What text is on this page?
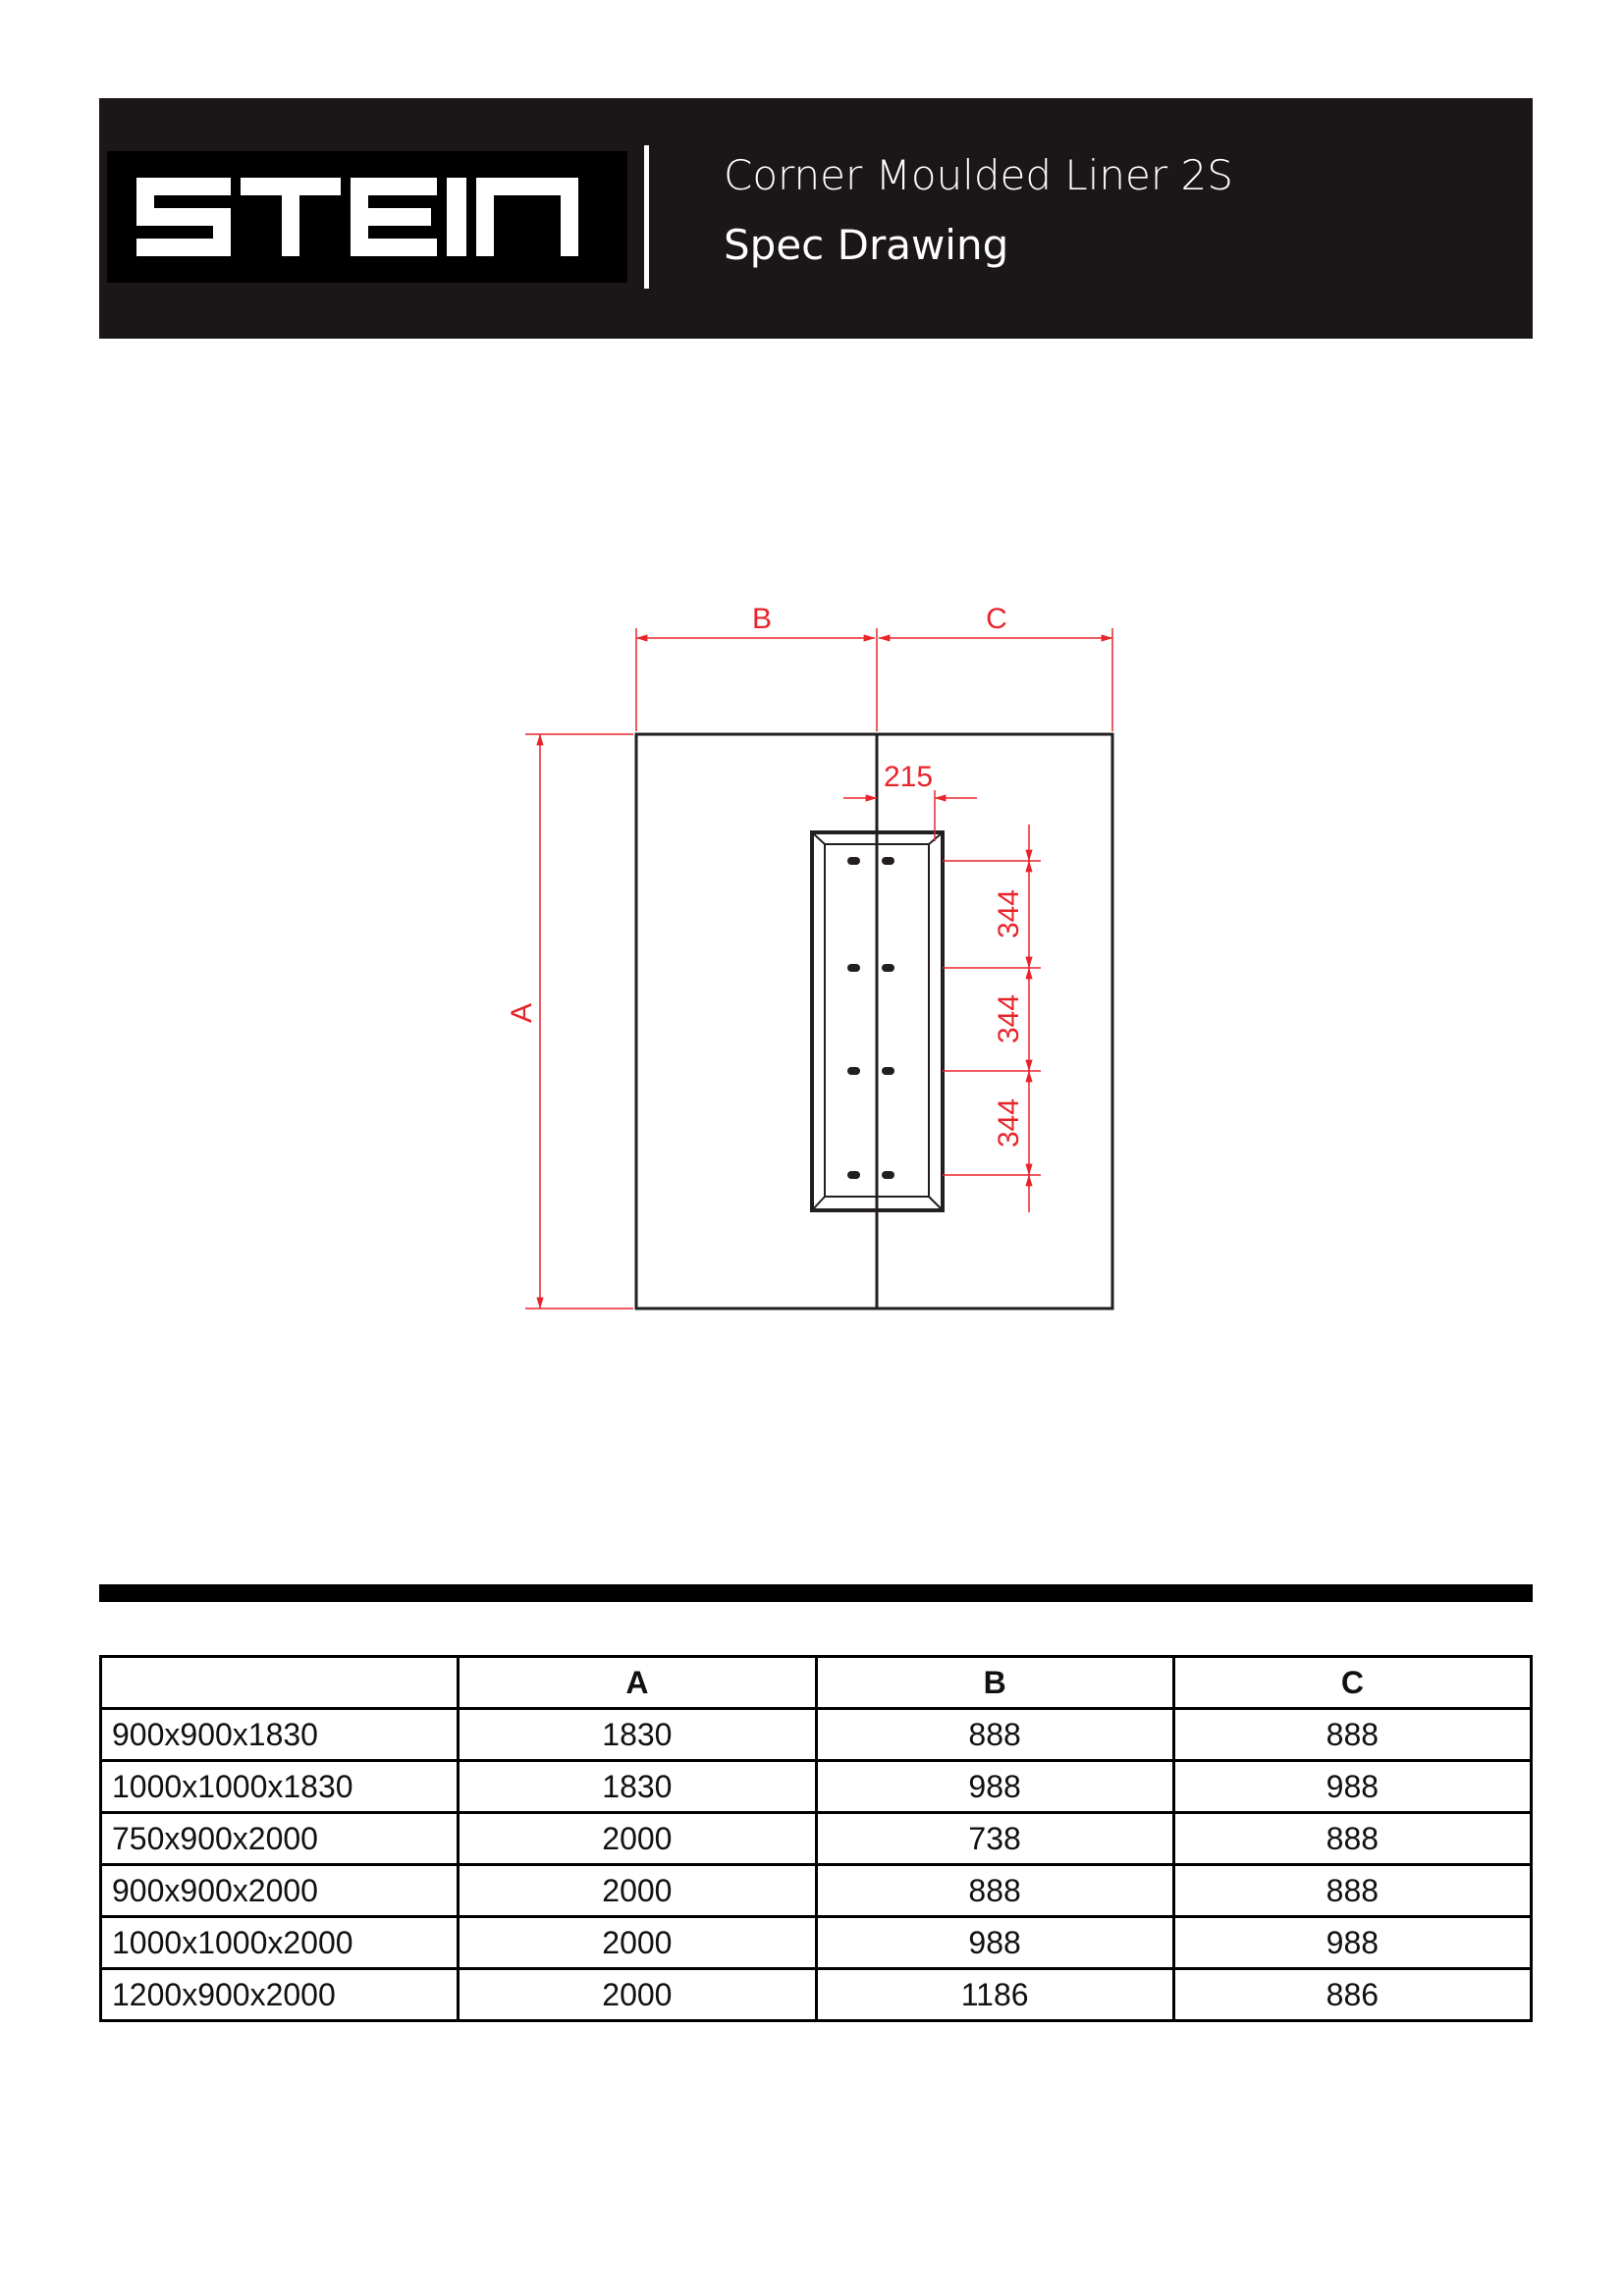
Corner Moulded Liner 2S
Spec Drawing
B	C
A
215
344
344
344
	A	B	C
900x900x1830	1830	888	888
1000x1000x1830	1830	988	988
750x900x2000	2000	738	888
900x900x2000	2000	888	888
1000x1000x2000	2000	988	988
1200x900x2000	2000	1186	886
